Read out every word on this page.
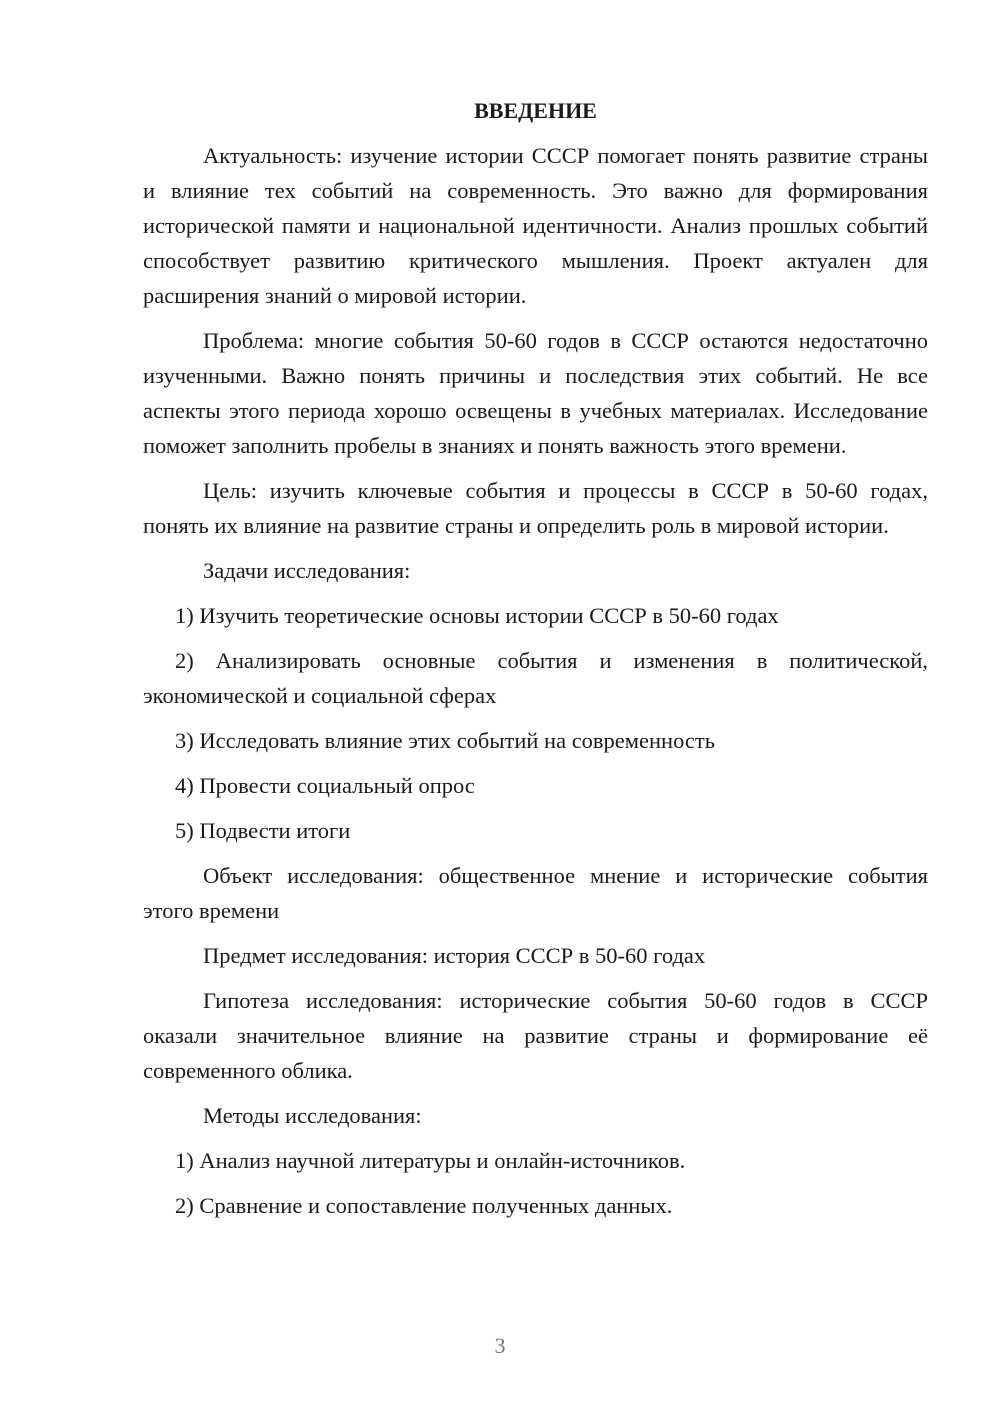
ВВЕДЕНИЕ

Актуальность: изучение истории СССР помогает понять развитие страны и влияние тех событий на современность. Это важно для формирования исторической памяти и национальной идентичности. Анализ прошлых событий способствует развитию критического мышления. Проект актуален для расширения знаний о мировой истории.

Проблема: многие события 50-60 годов в СССР остаются недостаточно изученными. Важно понять причины и последствия этих событий. Не все аспекты этого периода хорошо освещены в учебных материалах. Исследование поможет заполнить пробелы в знаниях и понять важность этого времени.

Цель: изучить ключевые события и процессы в СССР в 50-60 годах, понять их влияние на развитие страны и определить роль в мировой истории.

Задачи исследования:

1) Изучить теоретические основы истории СССР в 50-60 годах

2) Анализировать основные события и изменения в политической, экономической и социальной сферах

3) Исследовать влияние этих событий на современность

4) Провести социальный опрос

5) Подвести итоги

Объект исследования: общественное мнение и исторические события этого времени

Предмет исследования: история СССР в 50-60 годах

Гипотеза исследования: исторические события 50-60 годов в СССР оказали значительное влияние на развитие страны и формирование её современного облика.

Методы исследования:

1) Анализ научной литературы и онлайн-источников.

2) Сравнение и сопоставление полученных данных.

3
